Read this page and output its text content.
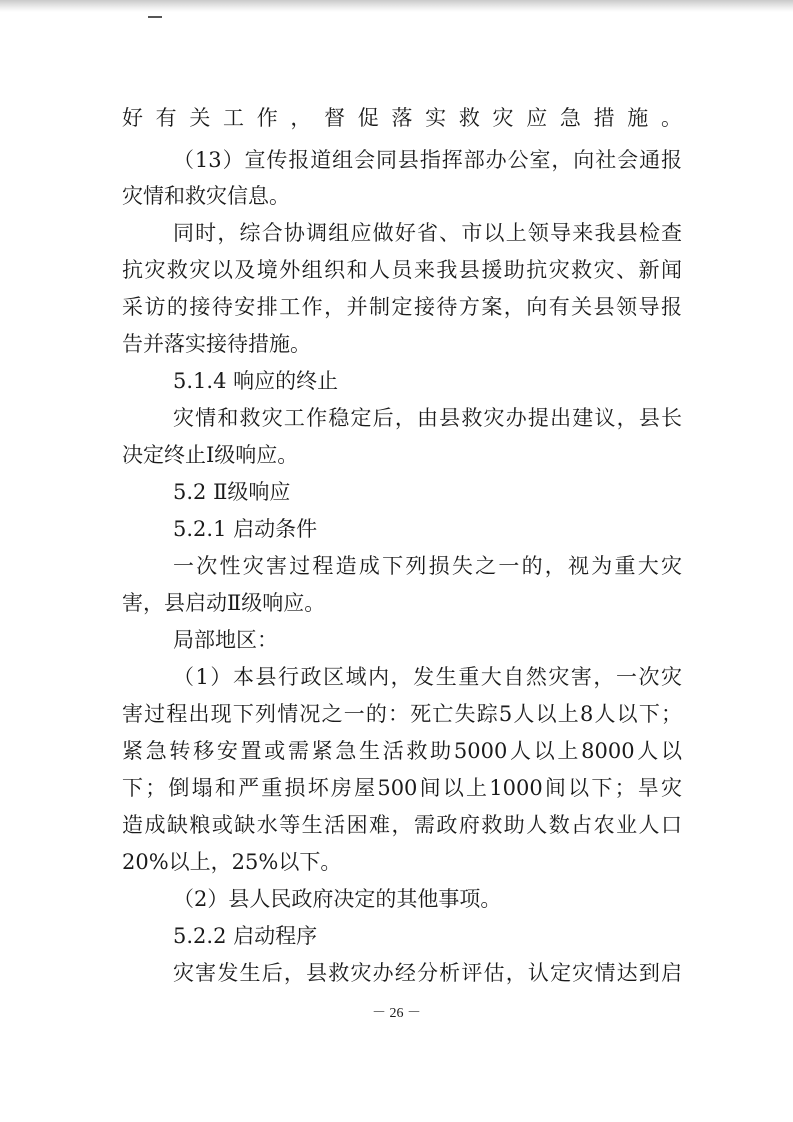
好有关工作，督促落实救灾应急措施。
（13）宣传报道组会同县指挥部办公室，向社会通报
灾情和救灾信息。
同时，综合协调组应做好省、市以上领导来我县检查
抗灾救灾以及境外组织和人员来我县援助抗灾救灾、新闻
采访的接待安排工作，并制定接待方案，向有关县领导报
告并落实接待措施。
5.1.4 响应的终止
灾情和救灾工作稳定后，由县救灾办提出建议，县长
决定终止Ⅰ级响应。
5.2 Ⅱ级响应
5.2.1 启动条件
一次性灾害过程造成下列损失之一的，视为重大灾
害，县启动Ⅱ级响应。
局部地区：
（1）本县行政区域内，发生重大自然灾害，一次灾
害过程出现下列情况之一的：死亡失踪5人以上8人以下；
紧急转移安置或需紧急生活救助5000人以上8000人以
下；倒塌和严重损坏房屋500间以上1000间以下；旱灾
造成缺粮或缺水等生活困难，需政府救助人数占农业人口
20%以上，25%以下。
（2）县人民政府决定的其他事项。
5.2.2 启动程序
灾害发生后，县救灾办经分析评估，认定灾情达到启
－ 26 －
